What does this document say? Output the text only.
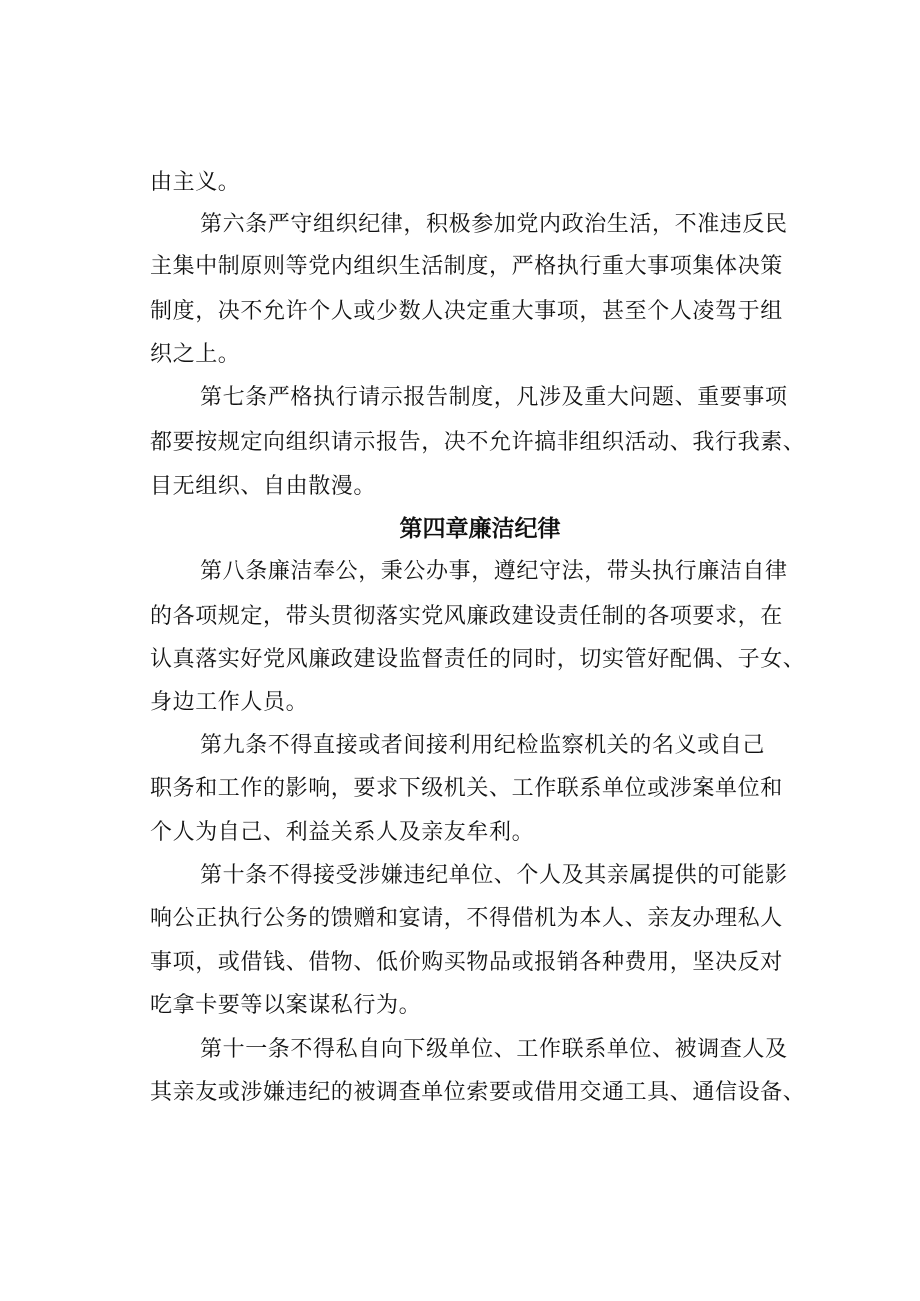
由主义。
第六条严守组织纪律，积极参加党内政治生活，不准违反民
主集中制原则等党内组织生活制度，严格执行重大事项集体决策
制度，决不允许个人或少数人决定重大事项，甚至个人凌驾于组
织之上。
第七条严格执行请示报告制度，凡涉及重大问题、重要事项
都要按规定向组织请示报告，决不允许搞非组织活动、我行我素、
目无组织、自由散漫。
第四章廉洁纪律
第八条廉洁奉公，秉公办事，遵纪守法，带头执行廉洁自律
的各项规定，带头贯彻落实党风廉政建设责任制的各项要求，在
认真落实好党风廉政建设监督责任的同时，切实管好配偶、子女、
身边工作人员。
第九条不得直接或者间接利用纪检监察机关的名义或自己
职务和工作的影响，要求下级机关、工作联系单位或涉案单位和
个人为自己、利益关系人及亲友牟利。
第十条不得接受涉嫌违纪单位、个人及其亲属提供的可能影
响公正执行公务的馈赠和宴请，不得借机为本人、亲友办理私人
事项，或借钱、借物、低价购买物品或报销各种费用，坚决反对
吃拿卡要等以案谋私行为。
第十一条不得私自向下级单位、工作联系单位、被调查人及
其亲友或涉嫌违纪的被调查单位索要或借用交通工具、通信设备、
